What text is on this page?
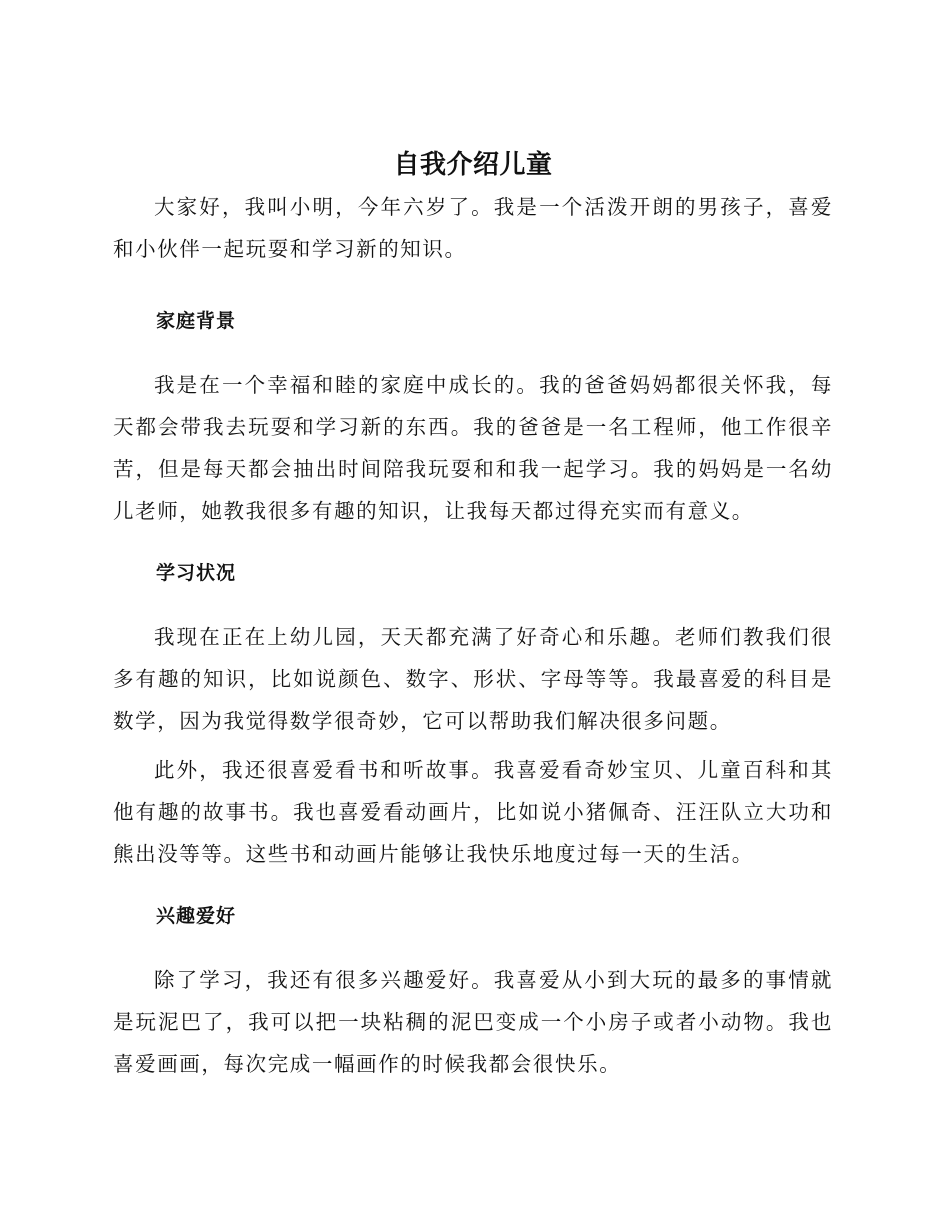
自我介绍儿童

大家好，我叫小明，今年六岁了。我是一个活泼开朗的男孩子，喜爱和小伙伴一起玩耍和学习新的知识。

家庭背景

我是在一个幸福和睦的家庭中成长的。我的爸爸妈妈都很关怀我，每天都会带我去玩耍和学习新的东西。我的爸爸是一名工程师，他工作很辛苦，但是每天都会抽出时间陪我玩耍和和我一起学习。我的妈妈是一名幼儿老师，她教我很多有趣的知识，让我每天都过得充实而有意义。

学习状况

我现在正在上幼儿园，天天都充满了好奇心和乐趣。老师们教我们很多有趣的知识，比如说颜色、数字、形状、字母等等。我最喜爱的科目是数学，因为我觉得数学很奇妙，它可以帮助我们解决很多问题。

此外，我还很喜爱看书和听故事。我喜爱看奇妙宝贝、儿童百科和其他有趣的故事书。我也喜爱看动画片，比如说小猪佩奇、汪汪队立大功和熊出没等等。这些书和动画片能够让我快乐地度过每一天的生活。

兴趣爱好

除了学习，我还有很多兴趣爱好。我喜爱从小到大玩的最多的事情就是玩泥巴了，我可以把一块粘稠的泥巴变成一个小房子或者小动物。我也喜爱画画，每次完成一幅画作的时候我都会很快乐。
